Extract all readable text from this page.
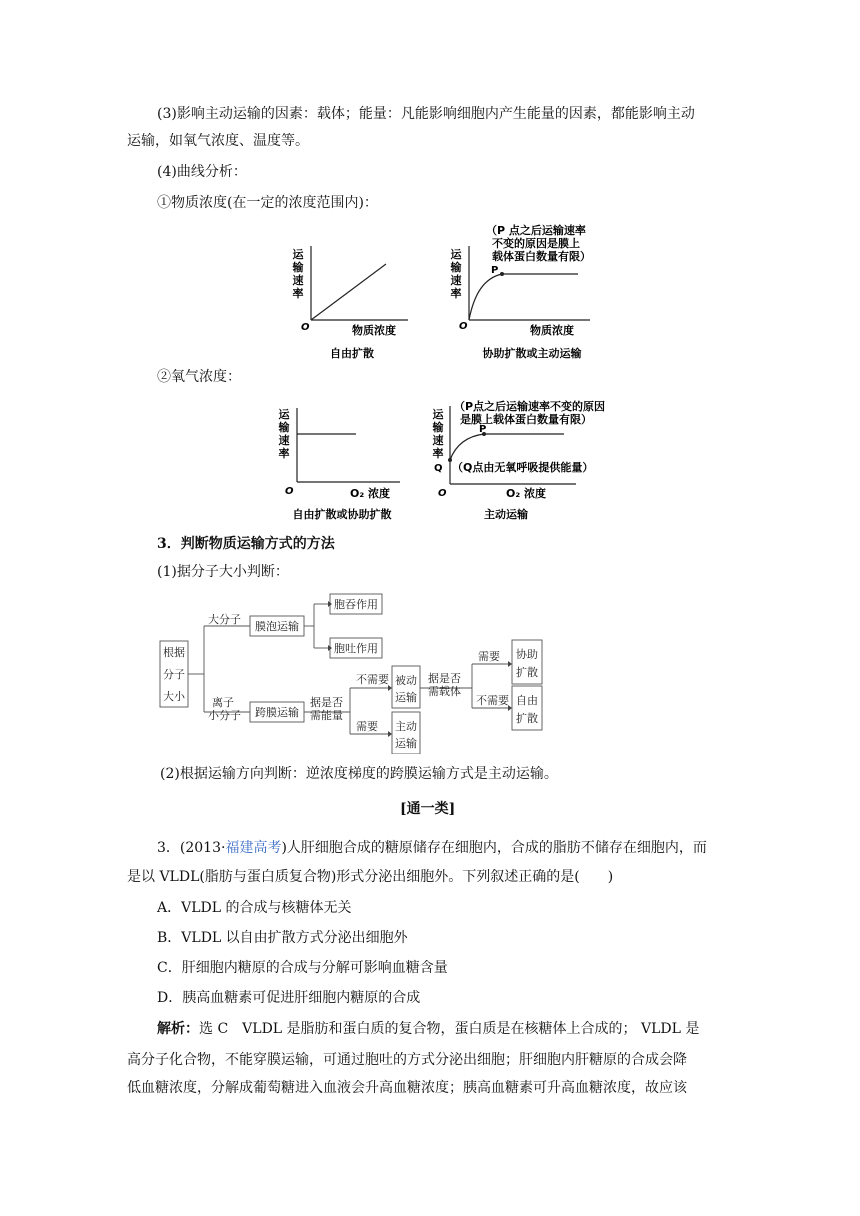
(3)影响主动运输的因素：载体；能量：凡能影响细胞内产生能量的因素，都能影响主动
运输，如氧气浓度、温度等。
(4)曲线分析：
①物质浓度(在一定的浓度范围内)：
运
输
速
率
O	物质浓度
自由扩散
（P 点之后运输速率
不变的原因是膜上
载体蛋白数量有限）
运
输
速
率
P
O	物质浓度
协助扩散或主动运输
②氧气浓度：
运
输
速
率
O	O₂ 浓度
自由扩散或协助扩散
（P点之后运输速率不变的原因
是膜上载体蛋白数量有限）
运
输
速
率
P
Q （Q点由无氧呼吸提供能量）
O	O₂ 浓度
主动运输
3．判断物质运输方式的方法
(1)据分子大小判断：
根据
分子
大小
大分子
膜泡运输
胞吞作用
胞吐作用
离子
小分子 跨膜运输
据是否
需能量
不需要
需要
被动
运输
主动
运输
据是否
需载体
需要
不需要
协助
扩散
自由
扩散
(2)根据运输方向判断：逆浓度梯度的跨膜运输方式是主动运输。
[通一类]
3．(2013·福建高考)人肝细胞合成的糖原储存在细胞内，合成的脂肪不储存在细胞内，而
是以 VLDL(脂肪与蛋白质复合物)形式分泌出细胞外。下列叙述正确的是(　　)
A．VLDL 的合成与核糖体无关
B．VLDL 以自由扩散方式分泌出细胞外
C．肝细胞内糖原的合成与分解可影响血糖含量
D．胰高血糖素可促进肝细胞内糖原的合成
解析：选 C　VLDL 是脂肪和蛋白质的复合物，蛋白质是在核糖体上合成的； VLDL 是
高分子化合物，不能穿膜运输，可通过胞吐的方式分泌出细胞；肝细胞内肝糖原的合成会降
低血糖浓度，分解成葡萄糖进入血液会升高血糖浓度；胰高血糖素可升高血糖浓度，故应该
